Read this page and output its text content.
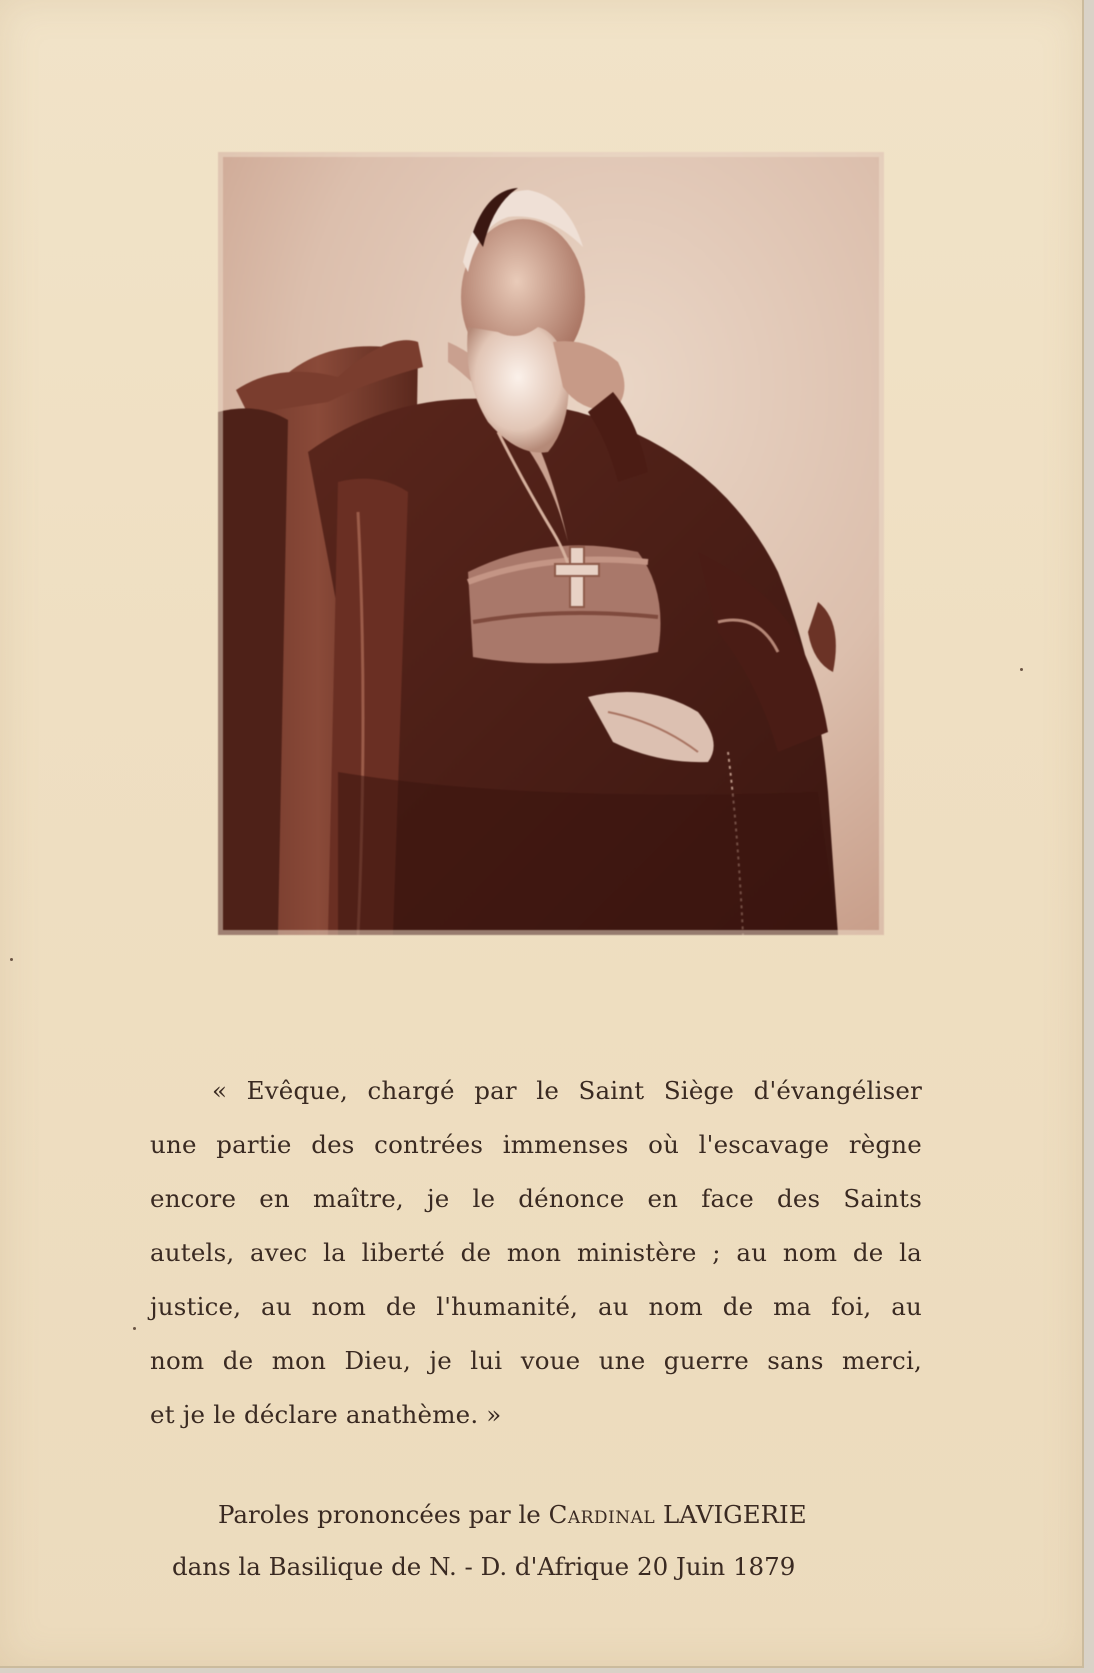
« Evêque, chargé par le Saint Siège d'évangéliser
une partie des contrées immenses où l'escavage règne
encore en maître, je le dénonce en face des Saints
autels, avec la liberté de mon ministère ; au nom de la
justice, au nom de l'humanité, au nom de ma foi, au
nom de mon Dieu, je lui voue une guerre sans merci,
et je le déclare anathème. »
Paroles prononcées par le Cardinal LAVIGERIE
dans la Basilique de N. - D. d'Afrique 20 Juin 1879
